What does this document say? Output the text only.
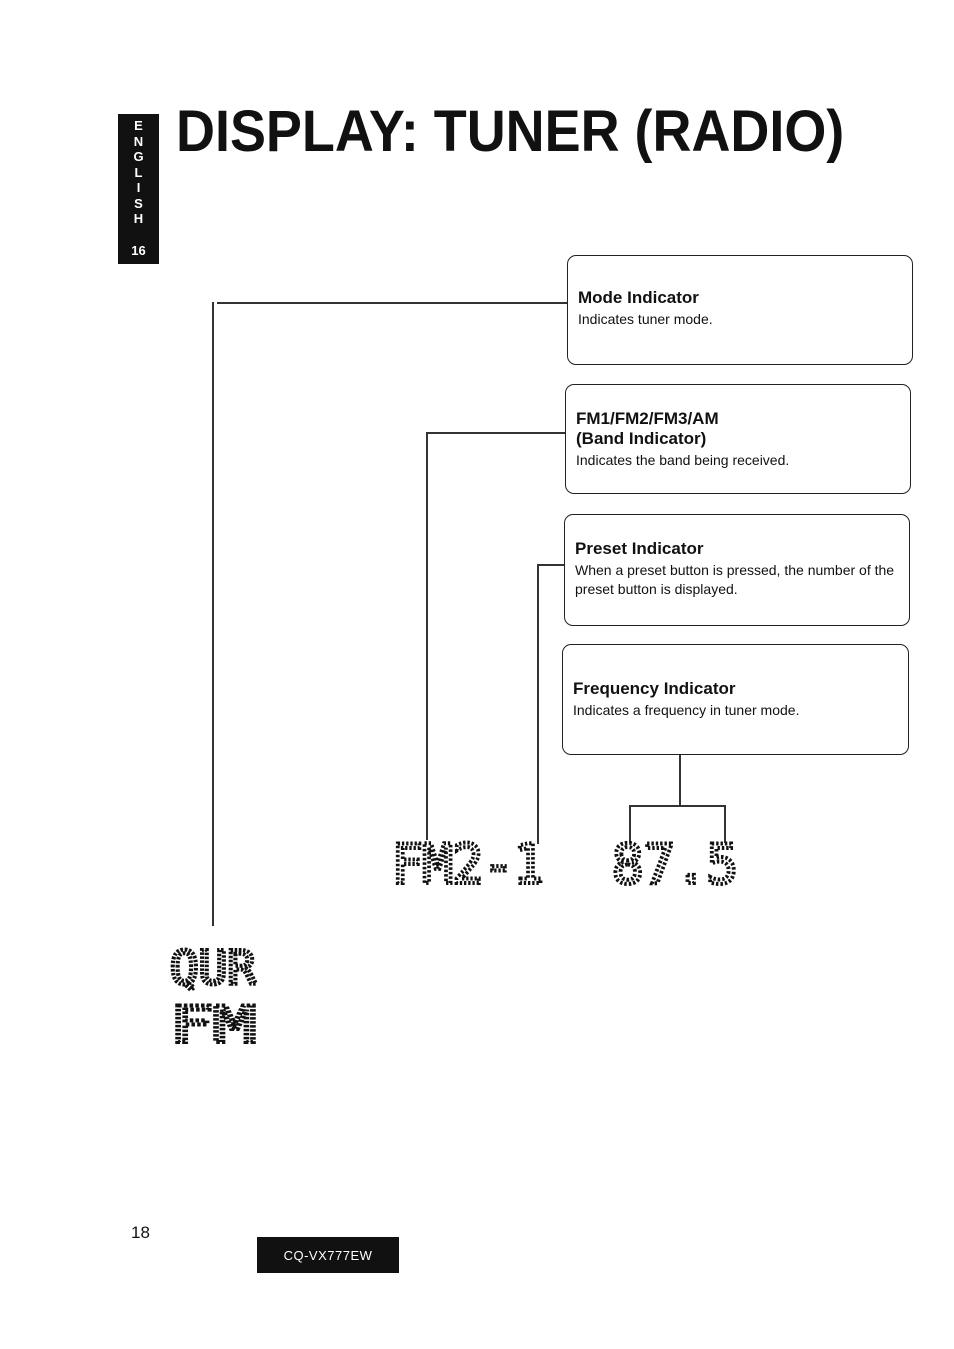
E
N
G
L
I
S
H
16
DISPLAY: TUNER (RADIO)
Mode Indicator
Indicates tuner mode.
FM1/FM2/FM3/AM
(Band Indicator)
Indicates the band being received.
Preset Indicator
When a preset button is pressed, the number of the preset button is displayed.
Frequency Indicator
Indicates a frequency in tuner mode.
FM2-1 87.5
QUR
FM
18
CQ-VX777EW
